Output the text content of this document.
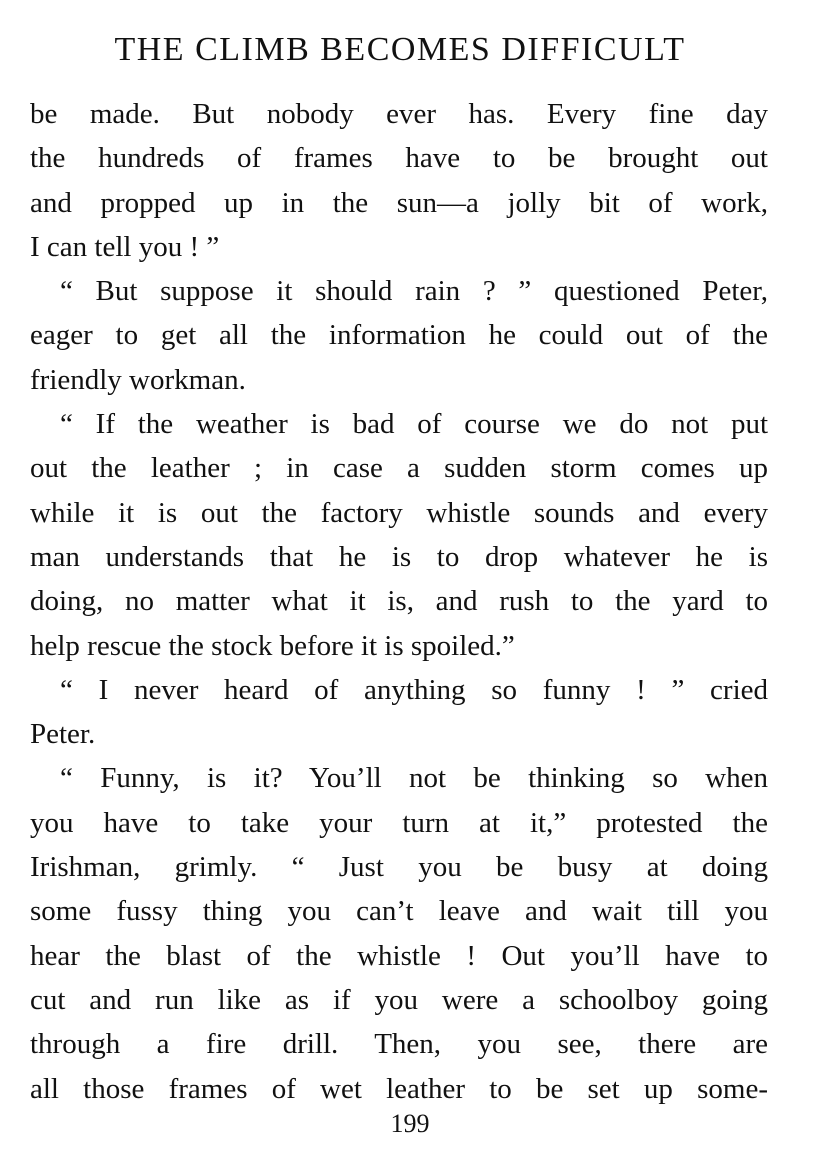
THE CLIMB BECOMES DIFFICULT
be made. But nobody ever has. Every fine day
the hundreds of frames have to be brought out
and propped up in the sun—a jolly bit of work,
I can tell you ! ”
“ But suppose it should rain ? ” questioned Peter,
eager to get all the information he could out of the
friendly workman.
“ If the weather is bad of course we do not put
out the leather ; in case a sudden storm comes up
while it is out the factory whistle sounds and every
man understands that he is to drop whatever he is
doing, no matter what it is, and rush to the yard to
help rescue the stock before it is spoiled.”
“ I never heard of anything so funny ! ” cried
Peter.
“ Funny, is it? You’ll not be thinking so when
you have to take your turn at it,” protested the
Irishman, grimly. “ Just you be busy at doing
some fussy thing you can’t leave and wait till you
hear the blast of the whistle ! Out you’ll have to
cut and run like as if you were a schoolboy going
through a fire drill. Then, you see, there are
all those frames of wet leather to be set up some-
199
